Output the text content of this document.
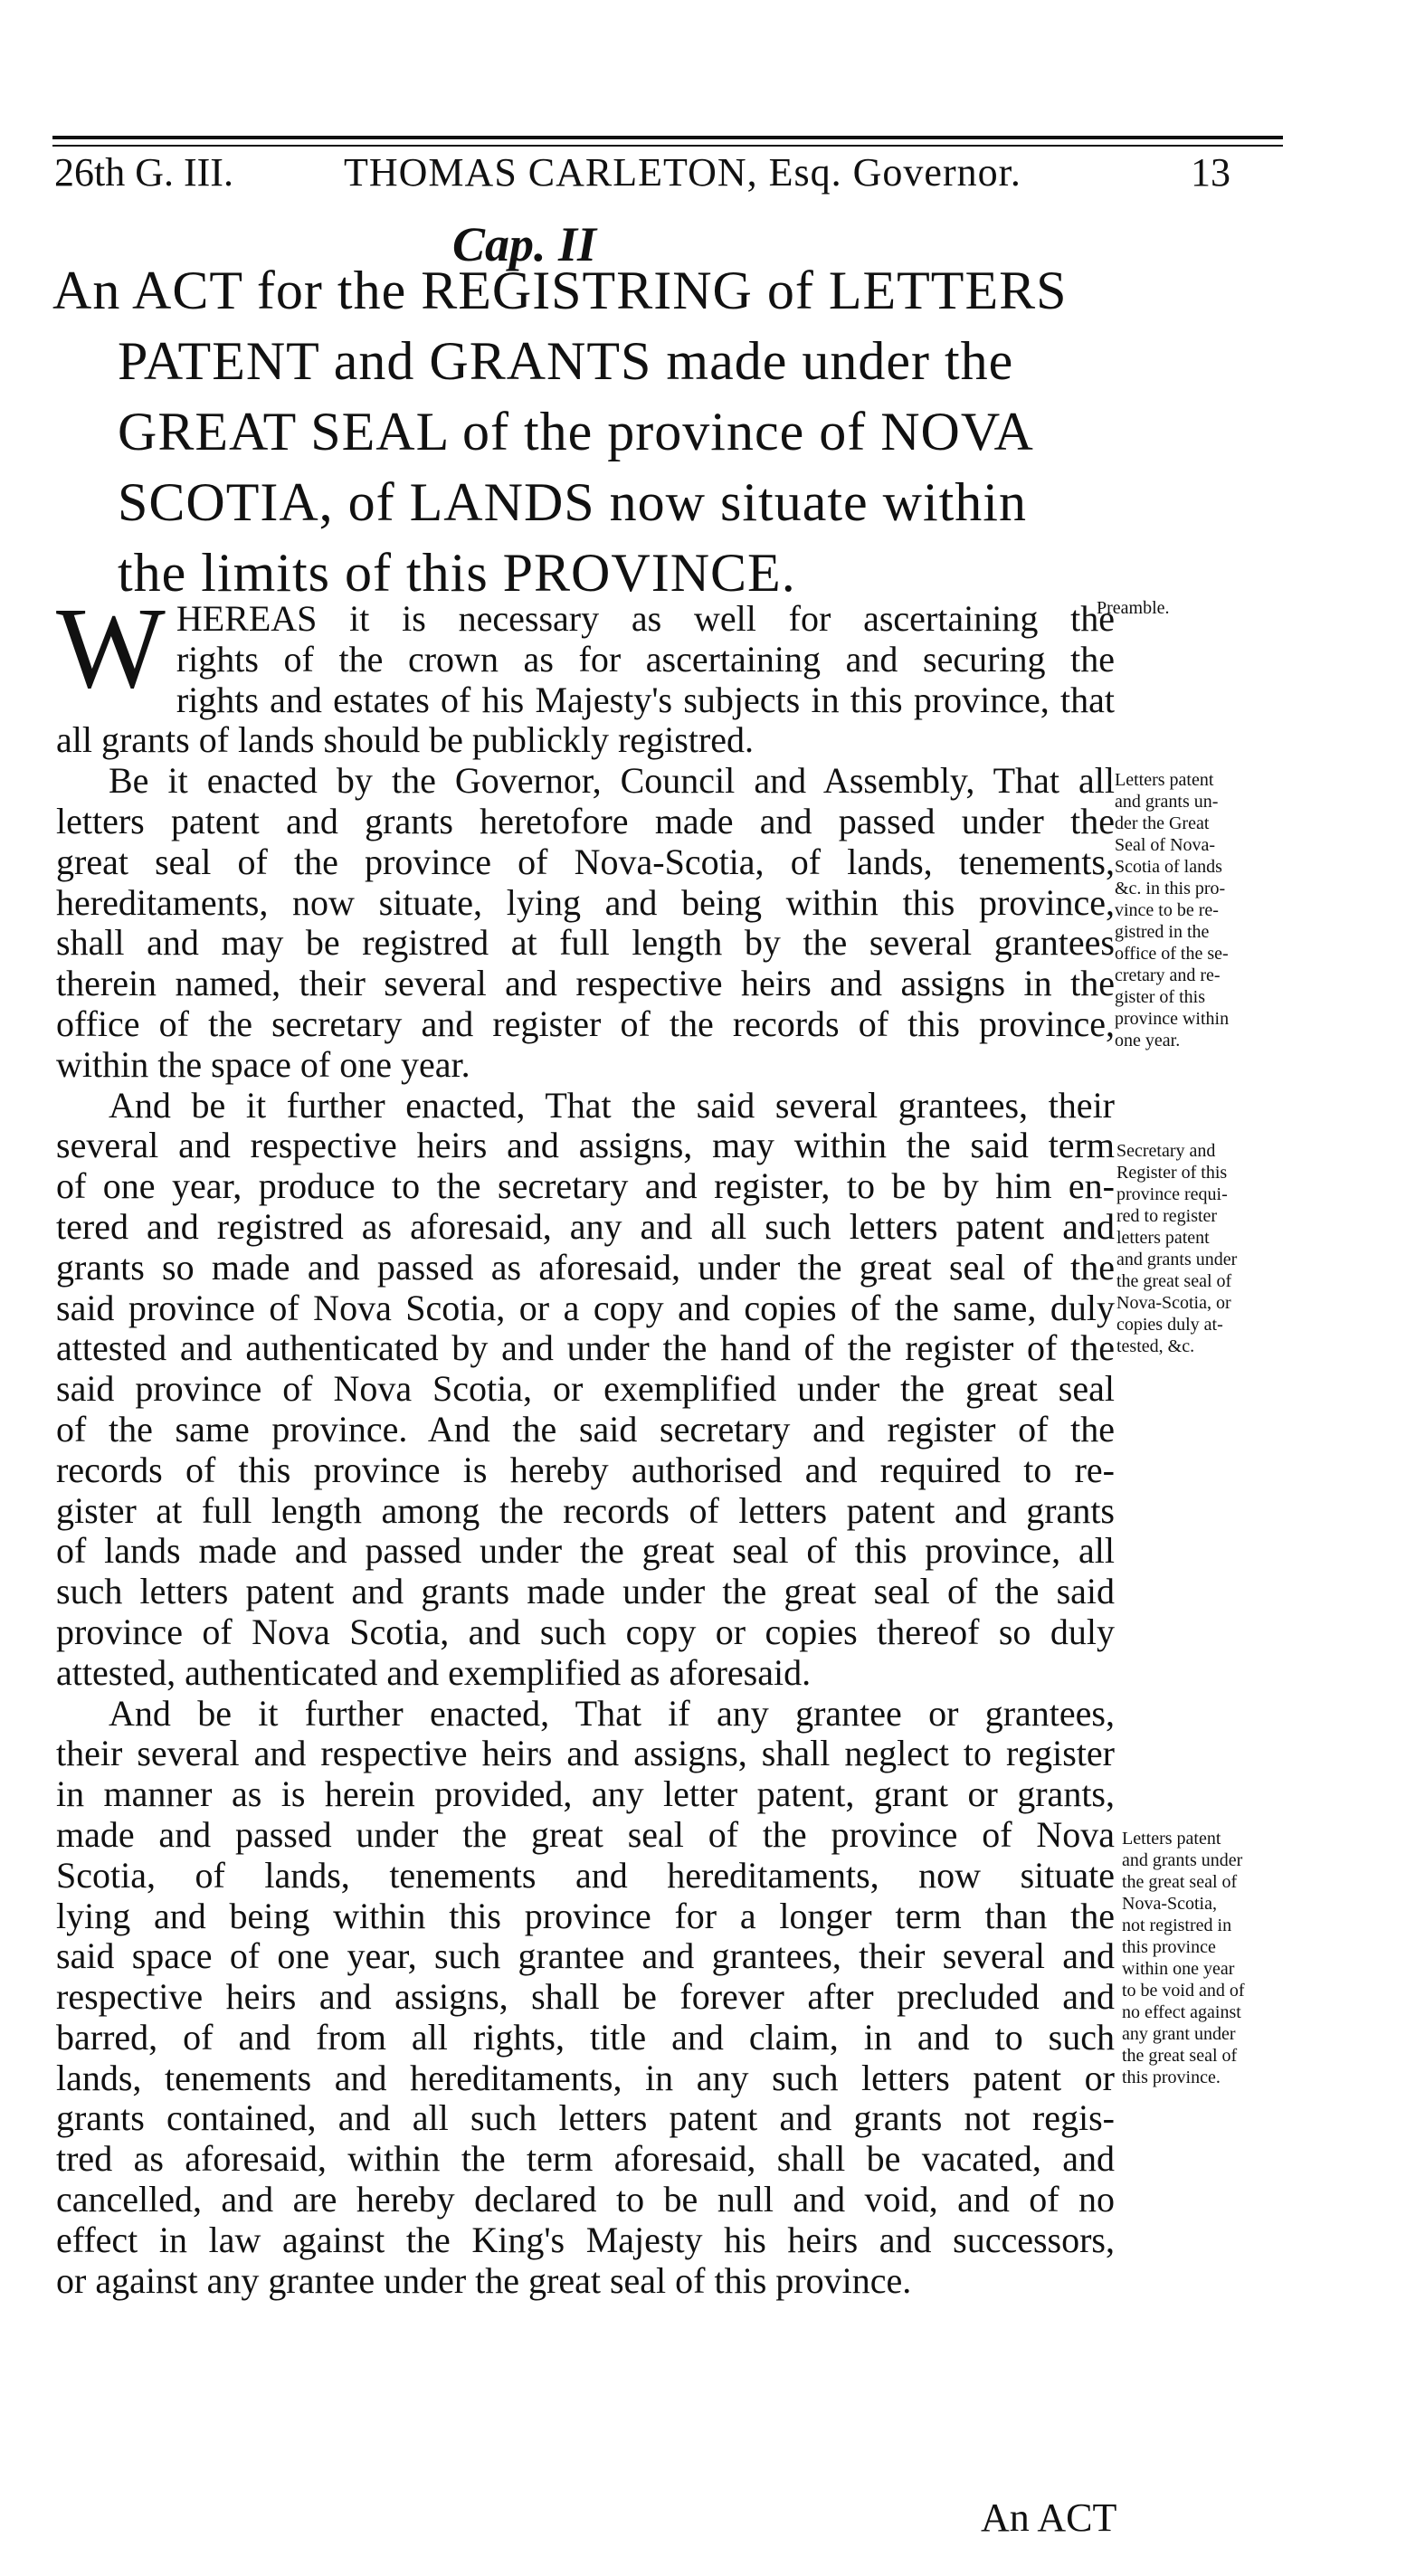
26th G. III.	THOMAS CARLETON, Esq. Governor.	13
Cap. II
An ACT for the REGISTRING of LETTERS
PATENT and GRANTS made under the
GREAT SEAL of the province of NOVA
SCOTIA, of LANDS now situate within
the limits of this PROVINCE.
W HEREAS it is necessary as well for ascertaining the
rights of the crown as for ascertaining and securing the
rights and estates of his Majesty's subjects in this province, that
all grants of lands should be publickly registred.
Be it enacted by the Governor, Council and Assembly, That all
letters patent and grants heretofore made and passed under the
great seal of the province of Nova-Scotia, of lands, tenements,
hereditaments, now situate, lying and being within this province,
shall and may be registred at full length by the several grantees
therein named, their several and respective heirs and assigns in the
office of the secretary and register of the records of this province,
within the space of one year.
And be it further enacted, That the said several grantees, their
several and respective heirs and assigns, may within the said term
of one year, produce to the secretary and register, to be by him en-
tered and registred as aforesaid, any and all such letters patent and
grants so made and passed as aforesaid, under the great seal of the
said province of Nova Scotia, or a copy and copies of the same, duly
attested and authenticated by and under the hand of the register of the
said province of Nova Scotia, or exemplified under the great seal
of the same province. And the said secretary and register of the
records of this province is hereby authorised and required to re-
gister at full length among the records of letters patent and grants
of lands made and passed under the great seal of this province, all
such letters patent and grants made under the great seal of the said
province of Nova Scotia, and such copy or copies thereof so duly
attested, authenticated and exemplified as aforesaid.
And be it further enacted, That if any grantee or grantees,
their several and respective heirs and assigns, shall neglect to register
in manner as is herein provided, any letter patent, grant or grants,
made and passed under the great seal of the province of Nova
Scotia, of lands, tenements and hereditaments, now situate
lying and being within this province for a longer term than the
said space of one year, such grantee and grantees, their several and
respective heirs and assigns, shall be forever after precluded and
barred, of and from all rights, title and claim, in and to such
lands, tenements and hereditaments, in any such letters patent or
grants contained, and all such letters patent and grants not regis-
tred as aforesaid, within the term aforesaid, shall be vacated, and
cancelled, and are hereby declared to be null and void, and of no
effect in law against the King's Majesty his heirs and successors,
or against any grantee under the great seal of this province.
Preamble.
Letters patent
and grants un-
der the Great
Seal of Nova-
Scotia of lands
&c. in this pro-
vince to be re-
gistred in the
office of the se-
cretary and re-
gister of this
province within
one year.
Secretary and
Register of this
province requi-
red to register
letters patent
and grants under
the great seal of
Nova-Scotia, or
copies duly at-
tested, &c.
Letters patent
and grants under
the great seal of
Nova-Scotia,
not registred in
this province
within one year
to be void and of
no effect against
any grant under
the great seal of
this province.
An ACT
